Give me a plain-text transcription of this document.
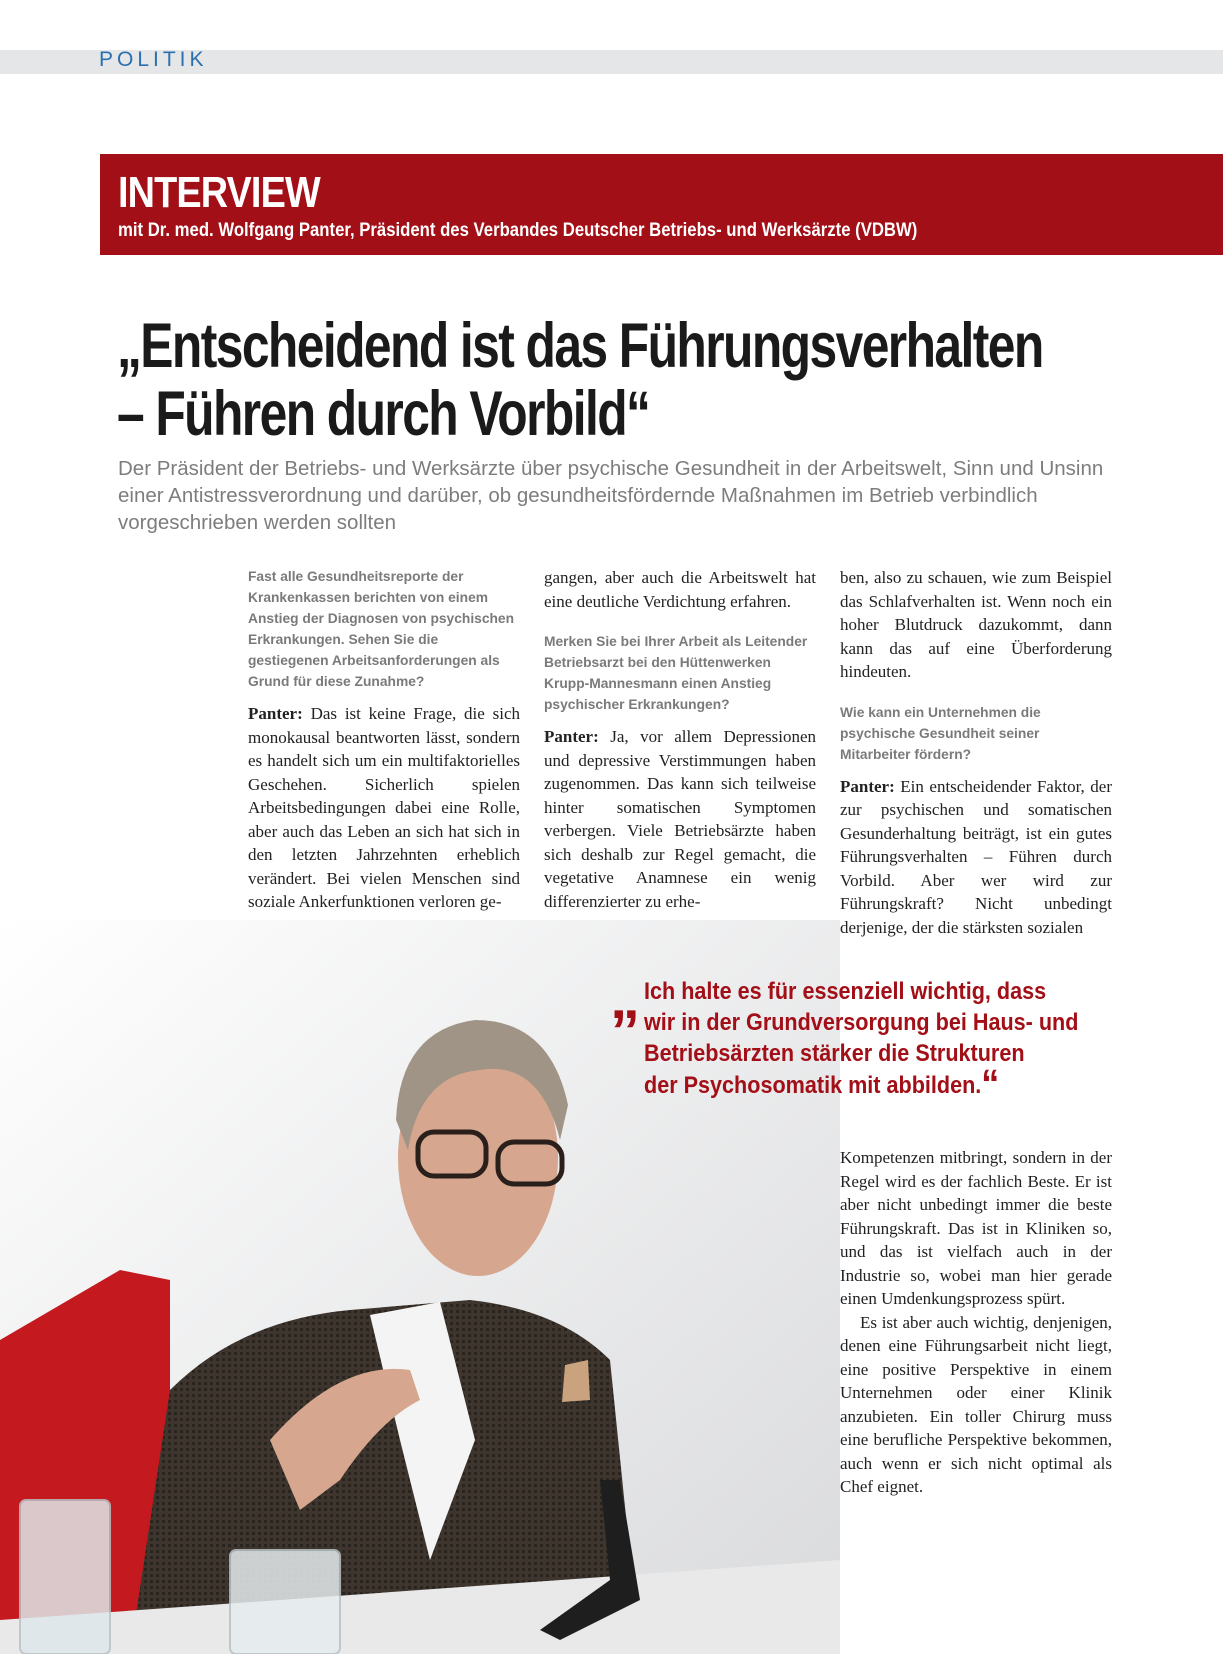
POLITIK
INTERVIEW
mit Dr. med. Wolfgang Panter, Präsident des Verbandes Deutscher Betriebs- und Werksärzte (VDBW)
„Entscheidend ist das Führungsverhalten
– Führen durch Vorbild“
Der Präsident der Betriebs- und Werksärzte über psychische Gesundheit in der Arbeitswelt, Sinn und Unsinn einer Antistressverordnung und darüber, ob gesundheitsfördernde Maßnahmen im Betrieb verbindlich vorgeschrieben werden sollten

Fast alle Gesundheitsreporte der Krankenkassen berichten von einem Anstieg der Diagnosen von psychischen Erkrankungen. Sehen Sie die gestiegenen Arbeitsanforderungen als Grund für diese Zunahme?

Panter: Das ist keine Frage, die sich monokausal beantworten lässt, sondern es handelt sich um ein multifaktorielles Geschehen. Sicherlich spielen Arbeitsbedingungen dabei eine Rolle, aber auch das Leben an sich hat sich in den letzten Jahrzehnten erheblich verändert. Bei vielen Menschen sind soziale Ankerfunktionen verloren ge-

gangen, aber auch die Arbeitswelt hat eine deutliche Verdichtung erfahren.

Merken Sie bei Ihrer Arbeit als Leitender Betriebsarzt bei den Hüttenwerken Krupp-Mannesmann einen Anstieg psychischer Erkrankungen?

Panter: Ja, vor allem Depressionen und depressive Verstimmungen haben zugenommen. Das kann sich teilweise hinter somatischen Symptomen verbergen. Viele Betriebsärzte haben sich deshalb zur Regel gemacht, die vegetative Anamnese ein wenig differenzierter zu erhe-

ben, also zu schauen, wie zum Beispiel das Schlafverhalten ist. Wenn noch ein hoher Blutdruck dazukommt, dann kann das auf eine Überforderung hindeuten.

Wie kann ein Unternehmen die psychische Gesundheit seiner Mitarbeiter fördern?

Panter: Ein entscheidender Faktor, der zur psychischen und somatischen Gesunderhaltung beiträgt, ist ein gutes Führungsverhalten – Führen durch Vorbild. Aber wer wird zur Führungskraft? Nicht unbedingt derjenige, der die stärksten sozialen

„ Ich halte es für essenziell wichtig, dass
wir in der Grundversorgung bei Haus- und
Betriebsärzten stärker die Strukturen
der Psychosomatik mit abbilden.“

Kompetenzen mitbringt, sondern in der Regel wird es der fachlich Beste. Er ist aber nicht unbedingt immer die beste Führungskraft. Das ist in Kliniken so, und das ist vielfach auch in der Industrie so, wobei man hier gerade einen Umdenkungsprozess spürt.

Es ist aber auch wichtig, denjenigen, denen eine Führungsarbeit nicht liegt, eine positive Perspektive in einem Unternehmen oder einer Klinik anzubieten. Ein toller Chirurg muss eine berufliche Perspektive bekommen, auch wenn er sich nicht optimal als Chef eignet.
